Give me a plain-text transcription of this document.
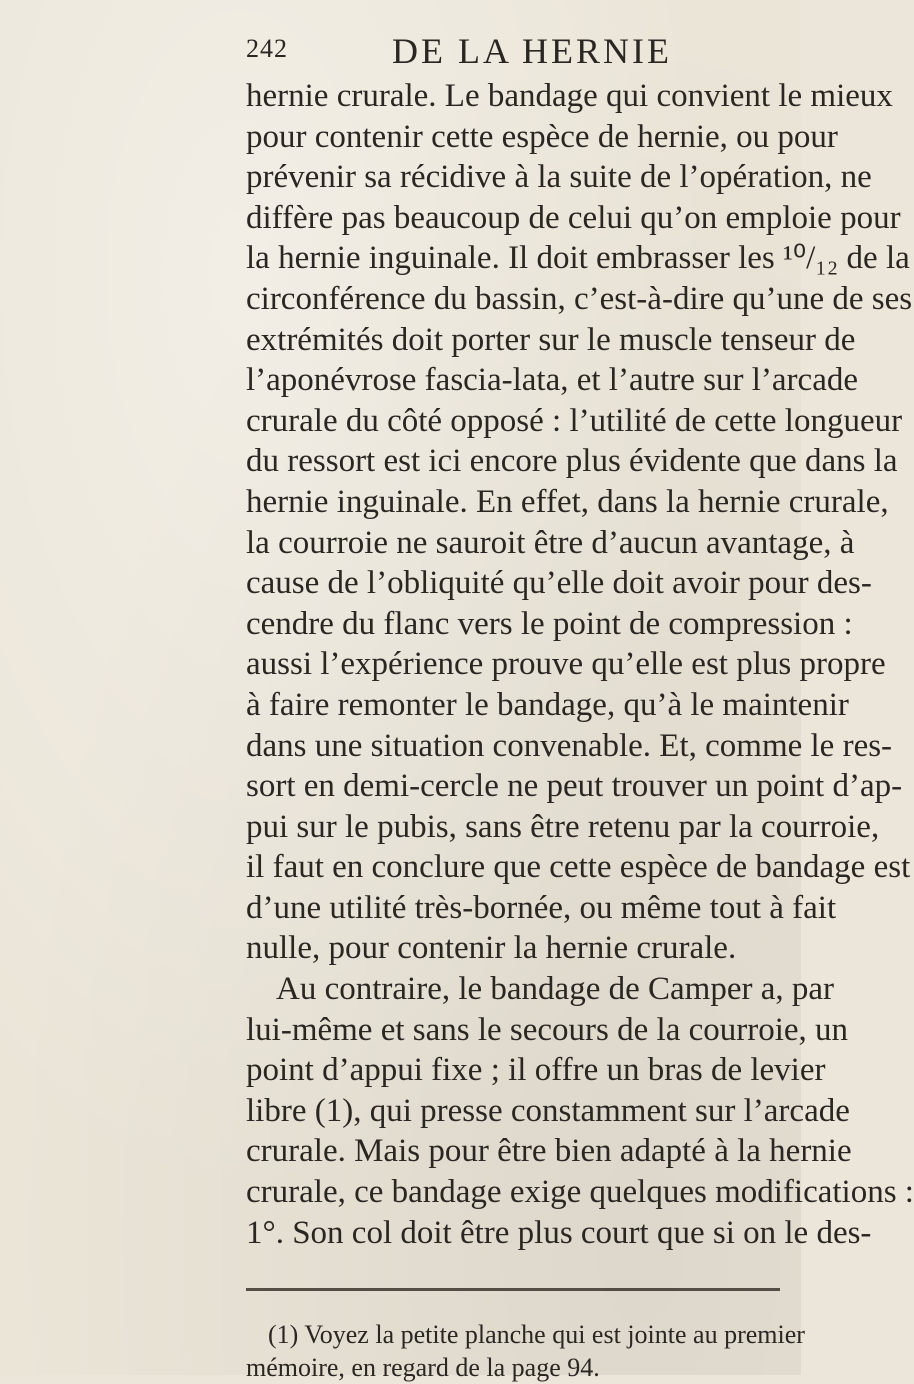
242	DE LA HERNIE
hernie crurale. Le bandage qui convient le mieux
pour contenir cette espèce de hernie, ou pour
prévenir sa récidive à la suite de l’opération, ne
diffère pas beaucoup de celui qu’on emploie pour
la hernie inguinale. Il doit embrasser les ¹⁰/₁₂ de la
circonférence du bassin, c’est-à-dire qu’une de ses
extrémités doit porter sur le muscle tenseur de
l’aponévrose fascia-lata, et l’autre sur l’arcade
crurale du côté opposé : l’utilité de cette longueur
du ressort est ici encore plus évidente que dans la
hernie inguinale. En effet, dans la hernie crurale,
la courroie ne sauroit être d’aucun avantage, à
cause de l’obliquité qu’elle doit avoir pour des-
cendre du flanc vers le point de compression :
aussi l’expérience prouve qu’elle est plus propre
à faire remonter le bandage, qu’à le maintenir
dans une situation convenable. Et, comme le res-
sort en demi-cercle ne peut trouver un point d’ap-
pui sur le pubis, sans être retenu par la courroie,
il faut en conclure que cette espèce de bandage est
d’une utilité très-bornée, ou même tout à fait
nulle, pour contenir la hernie crurale.
Au contraire, le bandage de Camper a, par
lui-même et sans le secours de la courroie, un
point d’appui fixe ; il offre un bras de levier
libre (1), qui presse constamment sur l’arcade
crurale. Mais pour être bien adapté à la hernie
crurale, ce bandage exige quelques modifications :
1°. Son col doit être plus court que si on le des-
(1) Voyez la petite planche qui est jointe au premier
mémoire, en regard de la page 94.
